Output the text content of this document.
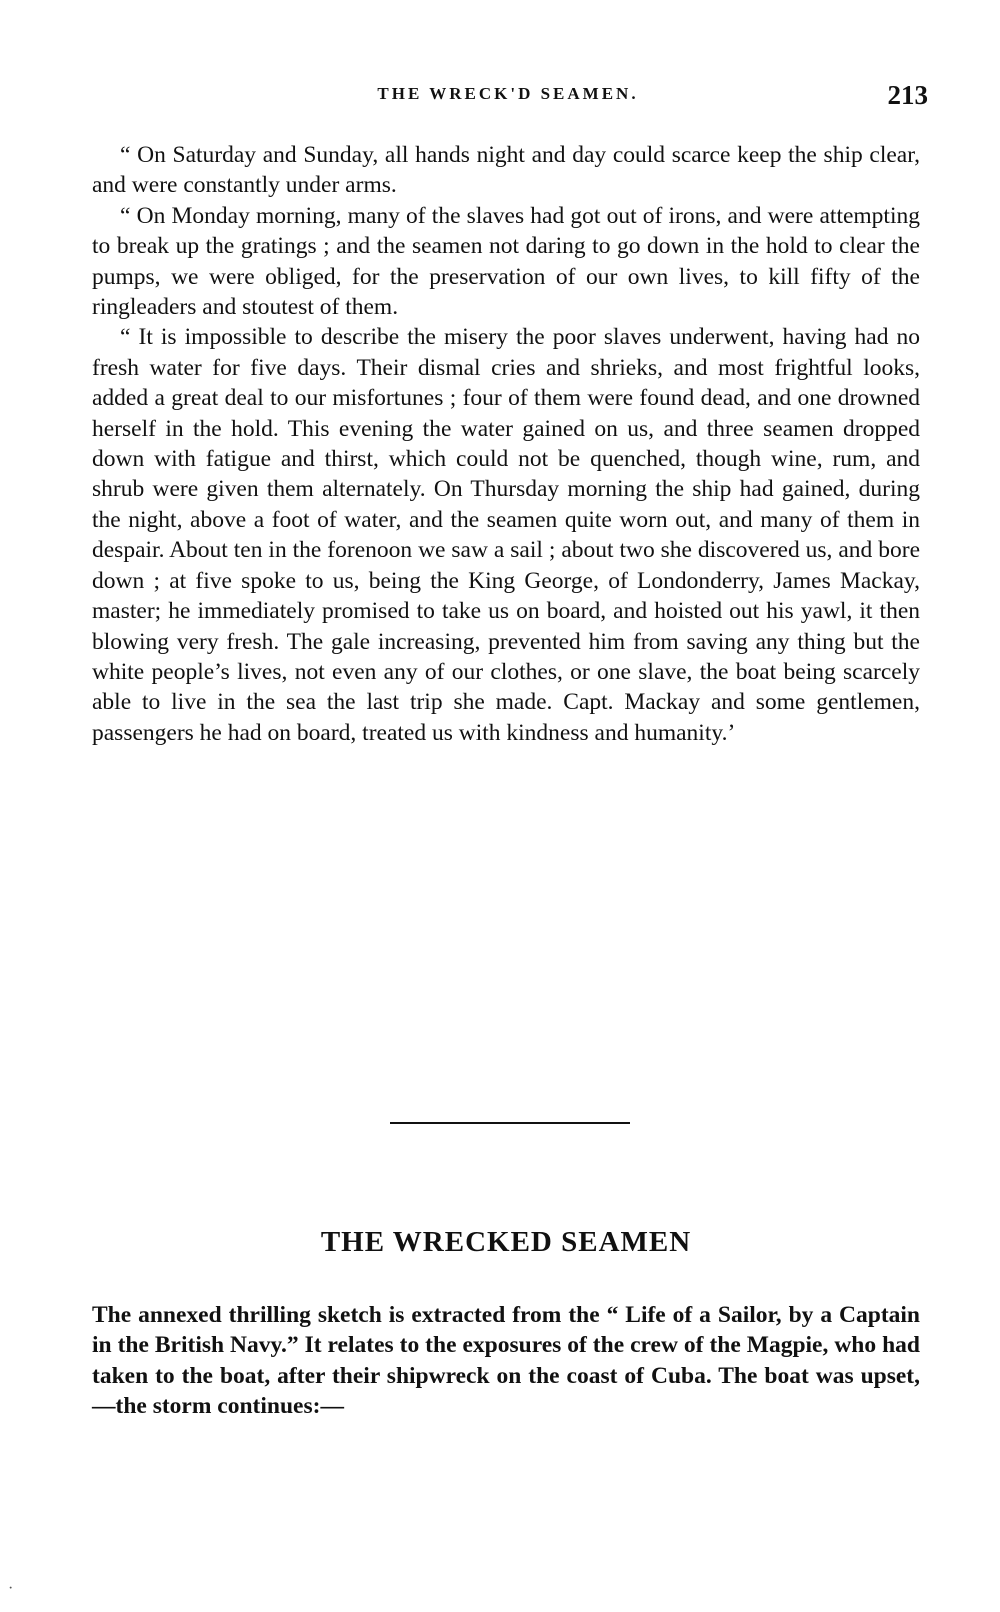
THE WRECK'D SEAMEN.	213

“ On Saturday and Sunday, all hands night and day could scarce keep the ship clear, and were constantly under arms.

“ On Monday morning, many of the slaves had got out of irons, and were attempting to break up the gratings ; and the seamen not daring to go down in the hold to clear the pumps, we were obliged, for the preservation of our own lives, to kill fifty of the ringleaders and stoutest of them.

“ It is impossible to describe the misery the poor slaves underwent, having had no fresh water for five days. Their dismal cries and shrieks, and most frightful looks, added a great deal to our misfortunes ; four of them were found dead, and one drowned herself in the hold. This evening the water gained on us, and three seamen dropped down with fatigue and thirst, which could not be quenched, though wine, rum, and shrub were given them alternately. On Thursday morning the ship had gained, during the night, above a foot of water, and the seamen quite worn out, and many of them in despair. About ten in the forenoon we saw a sail ; about two she discovered us, and bore down ; at five spoke to us, being the King George, of Londonderry, James Mackay, master; he immediately promised to take us on board, and hoisted out his yawl, it then blowing very fresh. The gale increasing, prevented him from saving any thing but the white people’s lives, not even any of our clothes, or one slave, the boat being scarcely able to live in the sea the last trip she made. Capt. Mackay and some gentlemen, passengers he had on board, treated us with kindness and humanity.’

THE WRECKED SEAMEN

The annexed thrilling sketch is extracted from the “ Life of a Sailor, by a Captain in the British Navy.” It relates to the exposures of the crew of the Magpie, who had taken to the boat, after their shipwreck on the coast of Cuba. The boat was upset,—the storm continues:—

·
